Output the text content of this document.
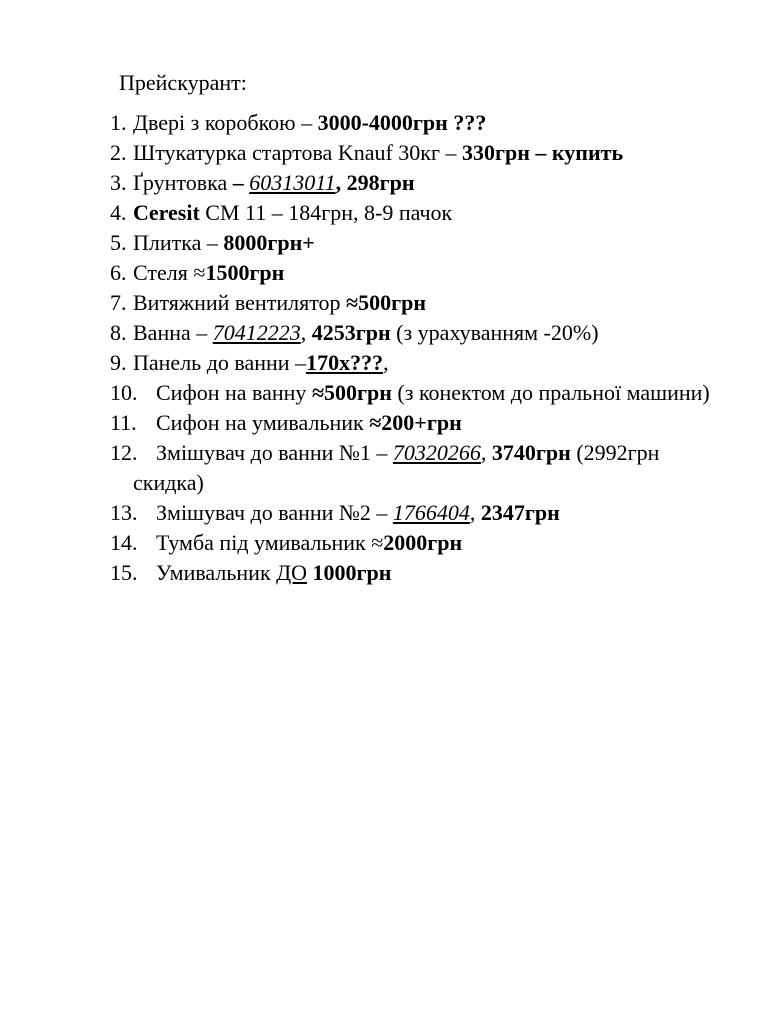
Прейскурант:

1. Двері з коробкою – 3000-4000грн ???
2. Штукатурка стартова Knauf 30кг – 330грн – купить
3. Ґрунтовка – 60313011, 298грн
4. Ceresit CM 11 – 184грн, 8-9 пачок
5. Плитка – 8000грн+
6. Стеля ≈1500грн
7. Витяжний вентилятор ≈500грн
8. Ванна – 70412223, 4253грн (з урахуванням -20%)
9. Панель до ванни –170x???,
10. Сифон на ванну ≈500грн (з конектом до пральної машини)
11. Сифон на умивальник ≈200+грн
12. Змішувач до ванни №1 – 70320266, 3740грн (2992грн скидка)
13. Змішувач до ванни №2 – 1766404, 2347грн
14. Тумба під умивальник ≈2000грн
15. Умивальник ДО 1000грн
